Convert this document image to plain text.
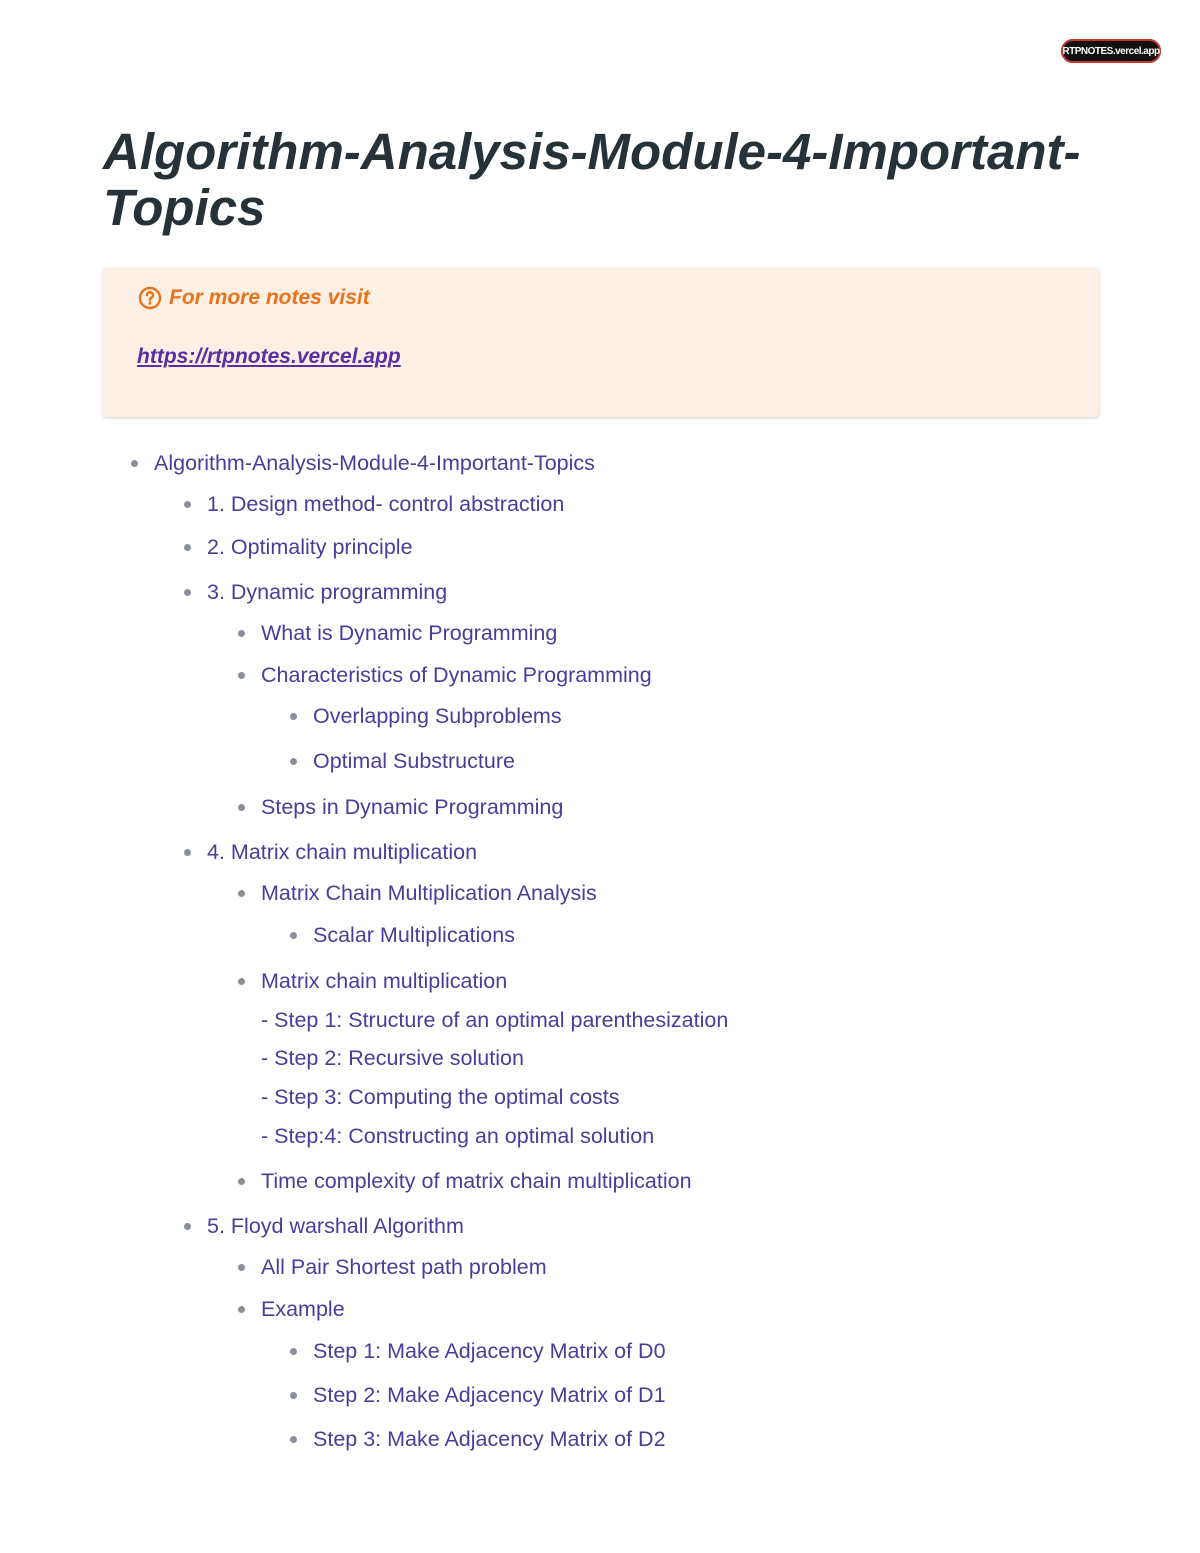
RTPNOTES.vercel.app
Algorithm-Analysis-Module-4-Important-Topics
For more notes visit
https://rtpnotes.vercel.app
Algorithm-Analysis-Module-4-Important-Topics
1. Design method- control abstraction
2. Optimality principle
3. Dynamic programming
What is Dynamic Programming
Characteristics of Dynamic Programming
Overlapping Subproblems
Optimal Substructure
Steps in Dynamic Programming
4. Matrix chain multiplication
Matrix Chain Multiplication Analysis
Scalar Multiplications
Matrix chain multiplication
- Step 1: Structure of an optimal parenthesization
- Step 2: Recursive solution
- Step 3: Computing the optimal costs
- Step:4: Constructing an optimal solution
Time complexity of matrix chain multiplication
5. Floyd warshall Algorithm
All Pair Shortest path problem
Example
Step 1: Make Adjacency Matrix of D0
Step 2: Make Adjacency Matrix of D1
Step 3: Make Adjacency Matrix of D2
